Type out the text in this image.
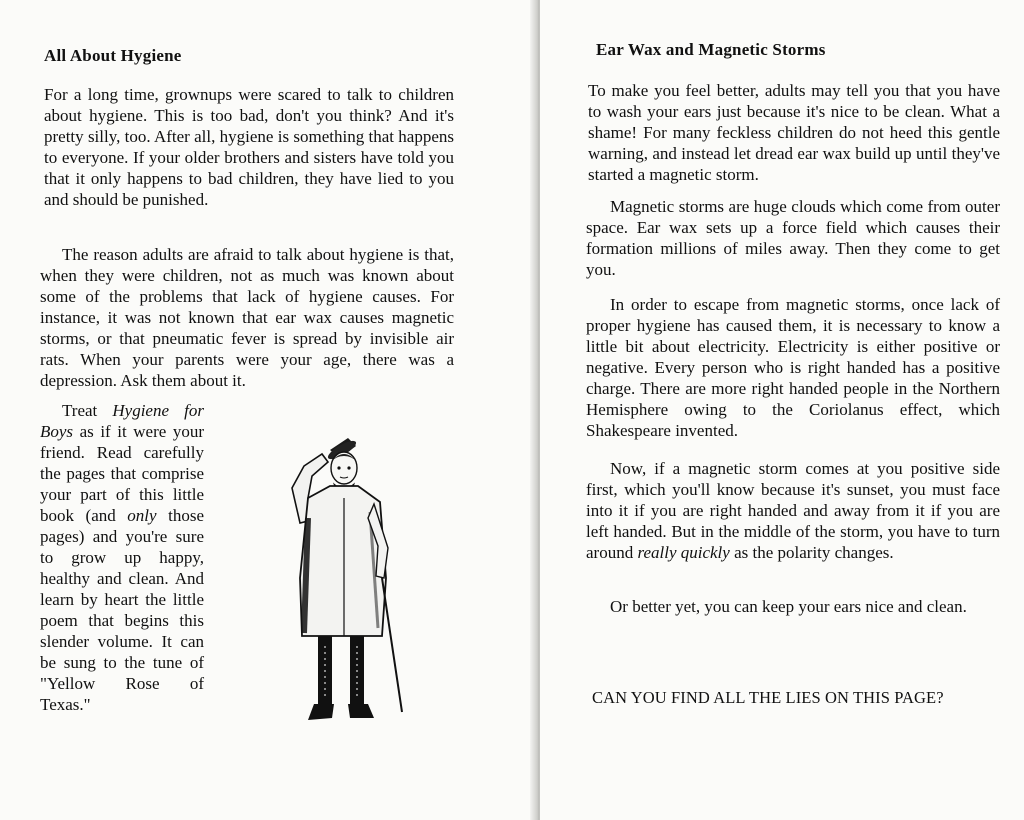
All About Hygiene

For a long time, grownups were scared to talk to children about hygiene. This is too bad, don't you think? And it's pretty silly, too. After all, hygiene is something that happens to everyone. If your older brothers and sisters have told you that it only happens to bad children, they have lied to you and should be punished.

The reason adults are afraid to talk about hygiene is that, when they were children, not as much was known about some of the problems that lack of hygiene causes. For instance, it was not known that ear wax causes magnetic storms, or that pneumatic fever is spread by invisible air rats. When your parents were your age, there was a depression. Ask them about it.

Treat Hygiene for Boys as if it were your friend. Read carefully the pages that comprise your part of this little book (and only those pages) and you're sure to grow up happy, healthy and clean. And learn by heart the little poem that begins this slender volume. It can be sung to the tune of "Yellow Rose of Texas."

Ear Wax and Magnetic Storms

To make you feel better, adults may tell you that you have to wash your ears just because it's nice to be clean. What a shame! For many feckless children do not heed this gentle warning, and instead let dread ear wax build up until they've started a magnetic storm.

Magnetic storms are huge clouds which come from outer space. Ear wax sets up a force field which causes their formation millions of miles away. Then they come to get you.

In order to escape from magnetic storms, once lack of proper hygiene has caused them, it is necessary to know a little bit about electricity. Electricity is either positive or negative. Every person who is right handed has a positive charge. There are more right handed people in the Northern Hemisphere owing to the Coriolanus effect, which Shakespeare invented.

Now, if a magnetic storm comes at you positive side first, which you'll know because it's sunset, you must face into it if you are right handed and away from it if you are left handed. But in the middle of the storm, you have to turn around really quickly as the polarity changes.

Or better yet, you can keep your ears nice and clean.

CAN YOU FIND ALL THE LIES ON THIS PAGE?
